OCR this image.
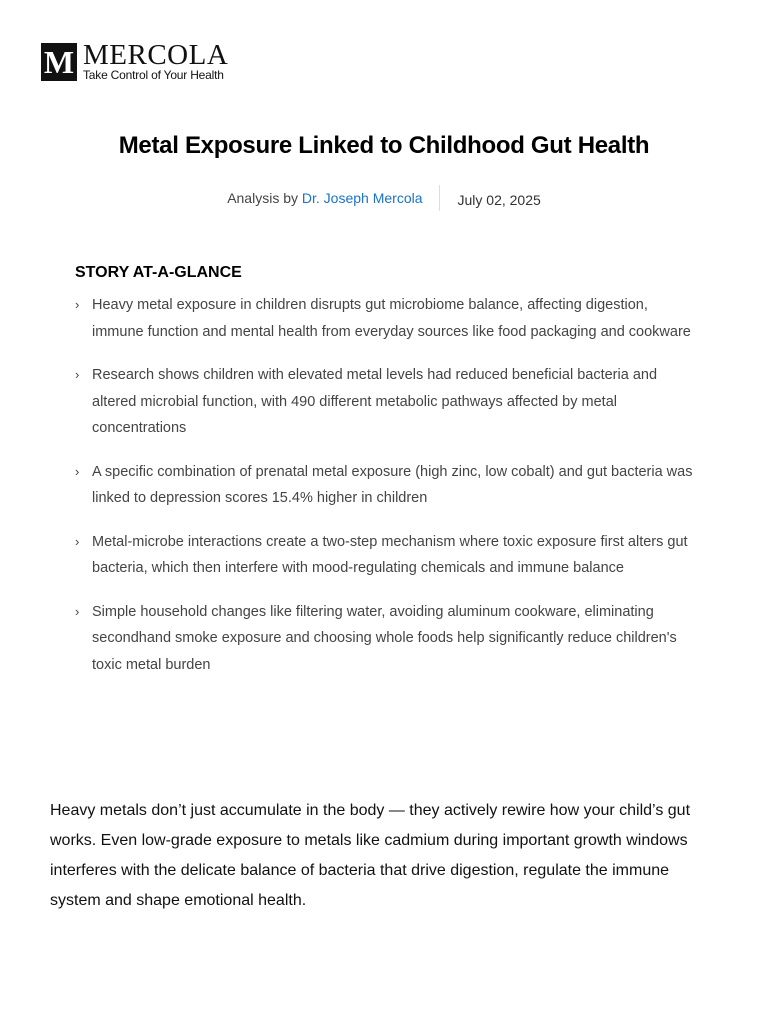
M MERCOLA
Take Control of Your Health
Metal Exposure Linked to Childhood Gut Health
Analysis by Dr. Joseph Mercola	July 02, 2025
STORY AT-A-GLANCE
› Heavy metal exposure in children disrupts gut microbiome balance, affecting digestion, immune function and mental health from everyday sources like food packaging and cookware
› Research shows children with elevated metal levels had reduced beneficial bacteria and altered microbial function, with 490 different metabolic pathways affected by metal concentrations
› A specific combination of prenatal metal exposure (high zinc, low cobalt) and gut bacteria was linked to depression scores 15.4% higher in children
› Metal-microbe interactions create a two-step mechanism where toxic exposure first alters gut bacteria, which then interfere with mood-regulating chemicals and immune balance
› Simple household changes like filtering water, avoiding aluminum cookware, eliminating secondhand smoke exposure and choosing whole foods help significantly reduce children's toxic metal burden

Heavy metals don’t just accumulate in the body — they actively rewire how your child’s gut works. Even low-grade exposure to metals like cadmium during important growth windows interferes with the delicate balance of bacteria that drive digestion, regulate the immune system and shape emotional health.
